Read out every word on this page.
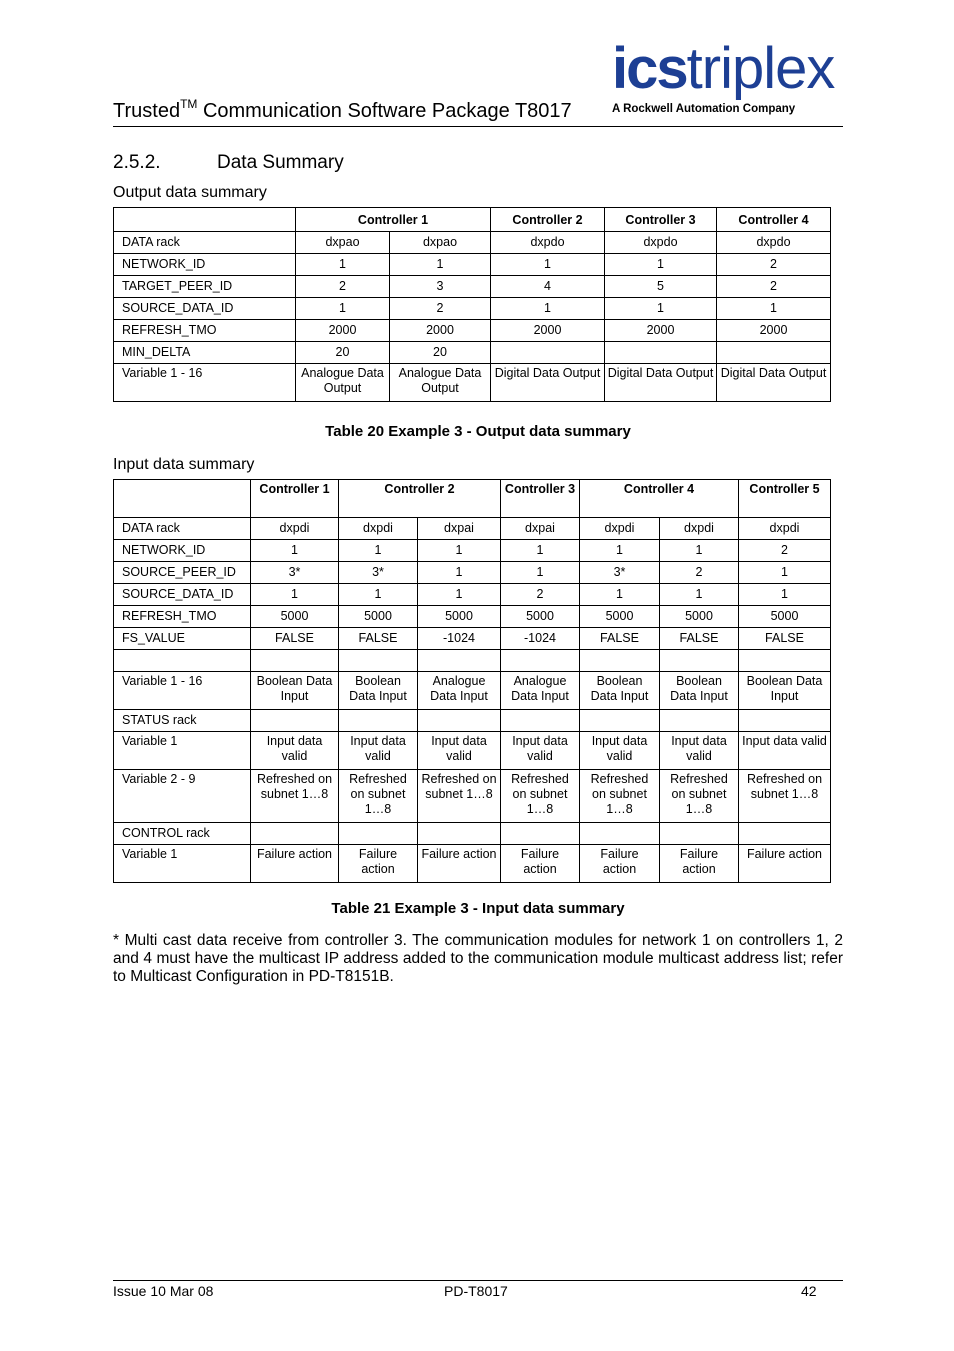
Trusted™ Communication Software Package T8017
icstriplex
A Rockwell Automation Company
2.5.2.	Data Summary
Output data summary
	Controller 1		Controller 2	Controller 3	Controller 4
DATA rack	dxpao	dxpao	dxpdo	dxpdo	dxpdo
NETWORK_ID	1	1	1	1	2
TARGET_PEER_ID	2	3	4	5	2
SOURCE_DATA_ID	1	2	1	1	1
REFRESH_TMO	2000	2000	2000	2000	2000
MIN_DELTA	20	20			
Variable 1 - 16	Analogue Data Output	Analogue Data Output	Digital Data Output	Digital Data Output	Digital Data Output
Table 20 Example 3 - Output data summary
Input data summary
	Controller 1	Controller 2		Controller 3	Controller 4		Controller 5
DATA rack	dxpdi	dxpdi	dxpai	dxpai	dxpdi	dxpdi	dxpdi
NETWORK_ID	1	1	1	1	1	1	2
SOURCE_PEER_ID	3*	3*	1	1	3*	2	1
SOURCE_DATA_ID	1	1	1	2	1	1	1
REFRESH_TMO	5000	5000	5000	5000	5000	5000	5000
FS_VALUE	FALSE	FALSE	-1024	-1024	FALSE	FALSE	FALSE

Variable 1 - 16	Boolean Data Input	Boolean Data Input	Analogue Data Input	Analogue Data Input	Boolean Data Input	Boolean Data Input	Boolean Data Input
STATUS rack							
Variable 1	Input data valid	Input data valid	Input data valid	Input data valid	Input data valid	Input data valid	Input data valid
Variable 2 - 9	Refreshed on subnet 1…8	Refreshed on subnet 1…8	Refreshed on subnet 1…8	Refreshed on subnet 1…8	Refreshed on subnet 1…8	Refreshed on subnet 1…8	Refreshed on subnet 1…8
CONTROL rack							
Variable 1	Failure action	Failure action	Failure action	Failure action	Failure action	Failure action	Failure action
Table 21 Example 3 - Input data summary
* Multi cast data receive from controller 3. The communication modules for network 1 on controllers 1, 2 and 4 must have the multicast IP address added to the communication module multicast address list; refer to Multicast Configuration in PD-T8151B.
Issue 10 Mar 08	PD-T8017	42
